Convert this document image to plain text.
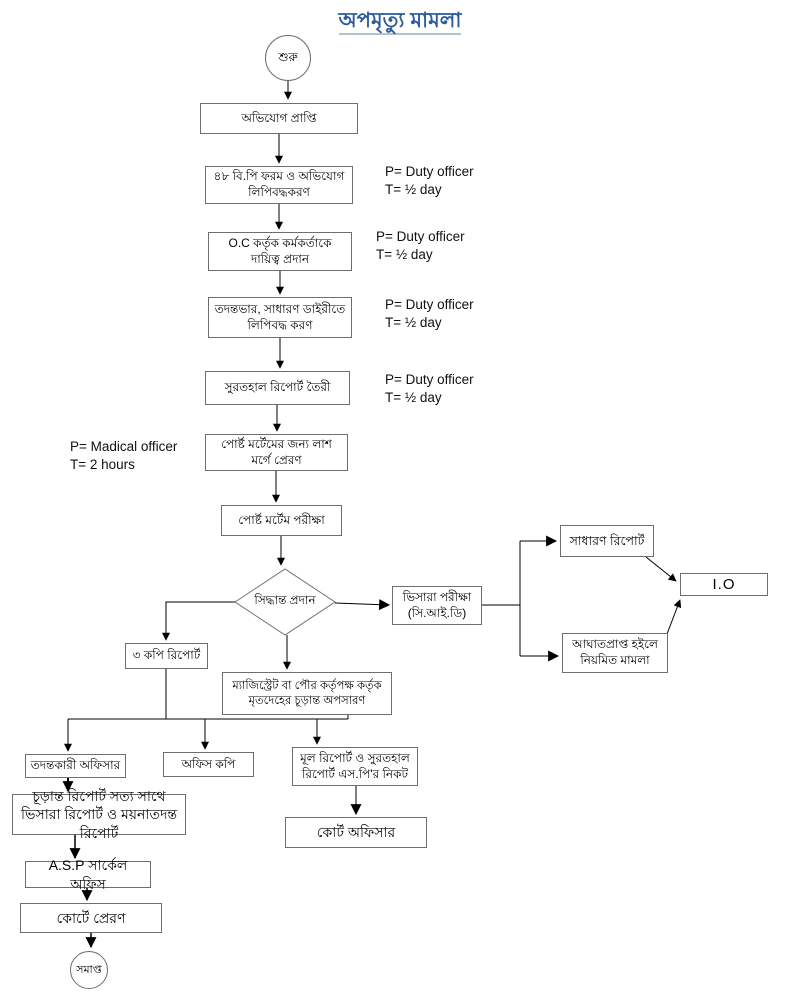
অপমৃত্যু মামলা
শুরু
অভিযোগ প্রাপ্তি
৪৮ বি.পি ফরম ও অভিযোগ লিপিবদ্ধকরণ
O.C কর্তৃক কর্মকর্তাকে দায়িত্ব প্রদান
তদন্তভার, সাধারণ ডাইরীতে লিপিবদ্ধ করণ
সুরতহাল রিপোর্ট তৈরী
পোর্ষ্ট মর্টেমের জন্য লাশ মর্গে প্রেরণ
পোর্ষ্ট মর্টেম পরীক্ষা
সিদ্ধান্ত প্রদান	ভিসারা পরীক্ষা (সি.আই.ডি)
সাধারণ রিপোর্ট
I.O
আঘাতপ্রাপ্ত হইলে নিয়মিত মামলা
৩ কপি রিপোর্ট
ম্যাজিস্ট্রেট বা পৌর কর্তৃপক্ষ কর্তৃক মৃতদেহের চূড়ান্ত অপসারণ
তদন্তকারী অফিসার	অফিস কপি	মূল রিপোর্ট ও সুরতহাল রিপোর্ট এস.পি'র নিকট
চূড়ান্ত রিপোর্ট সত্য সাথে ভিসারা রিপোর্ট ও ময়নাতদন্ত রিপোর্ট
A.S.P সার্কেল অফিস
কোর্টে প্রেরণ
কোর্ট অফিসার
সমাপ্ত
P= Duty officer
T= ½ day
P= Duty officer
T= ½ day
P= Duty officer
T= ½ day
P= Duty officer
T= ½ day
P= Madical officer
T= 2 hours
